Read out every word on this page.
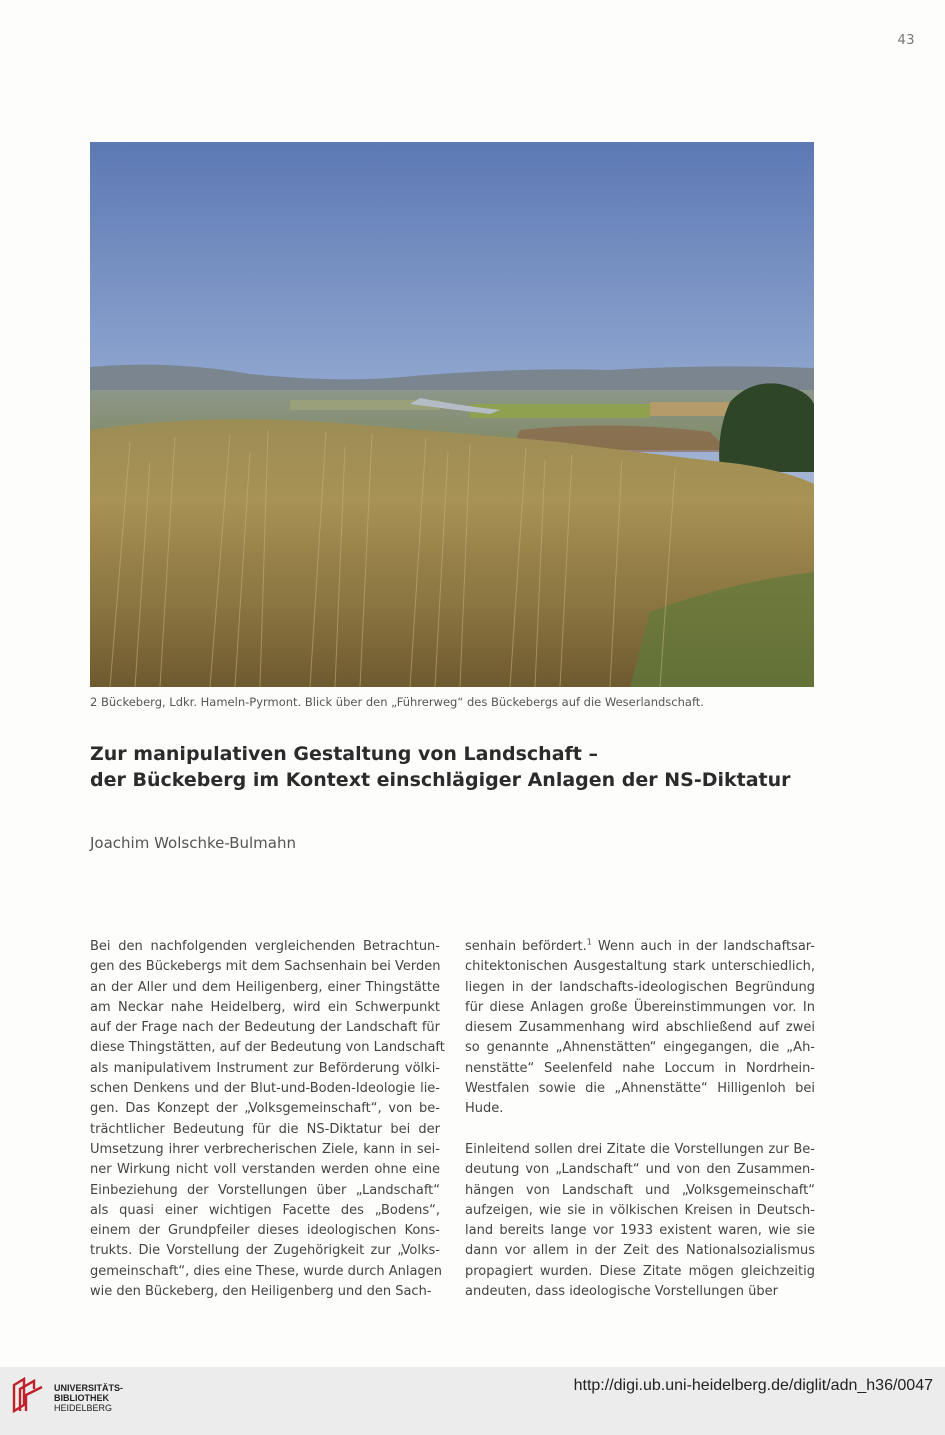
43
2 Bückeberg, Ldkr. Hameln-Pyrmont. Blick über den „Führerweg“ des Bückebergs auf die Weserlandschaft.
Zur manipulativen Gestaltung von Landschaft –
der Bückeberg im Kontext einschlägiger Anlagen der NS-Diktatur
Joachim Wolschke-Bulmahn
Bei den nachfolgenden vergleichenden Betrachtun-
gen des Bückebergs mit dem Sachsenhain bei Verden
an der Aller und dem Heiligenberg, einer Thingstätte
am Neckar nahe Heidelberg, wird ein Schwerpunkt
auf der Frage nach der Bedeutung der Landschaft für
diese Thingstätten, auf der Bedeutung von Landschaft
als manipulativem Instrument zur Beförderung völki-
schen Denkens und der Blut-und-Boden-Ideologie lie-
gen. Das Konzept der „Volksgemeinschaft“, von be-
trächtlicher Bedeutung für die NS-Diktatur bei der
Umsetzung ihrer verbrecherischen Ziele, kann in sei-
ner Wirkung nicht voll verstanden werden ohne eine
Einbeziehung der Vorstellungen über „Landschaft“
als quasi einer wichtigen Facette des „Bodens“,
einem der Grundpfeiler dieses ideologischen Kons-
trukts. Die Vorstellung der Zugehörigkeit zur „Volks-
gemeinschaft“, dies eine These, wurde durch Anlagen
wie den Bückeberg, den Heiligenberg und den Sach-
senhain befördert.$^1$ Wenn auch in der landschaftsar-
chitektonischen Ausgestaltung stark unterschiedlich,
liegen in der landschafts-ideologischen Begründung
für diese Anlagen große Übereinstimmungen vor. In
diesem Zusammenhang wird abschließend auf zwei
so genannte „Ahnenstätten“ eingegangen, die „Ah-
nenstätte“ Seelenfeld nahe Loccum in Nordrhein-
Westfalen sowie die „Ahnenstätte“ Hilligenloh bei
Hude.
Einleitend sollen drei Zitate die Vorstellungen zur Be-
deutung von „Landschaft“ und von den Zusammen-
hängen von Landschaft und „Volksgemeinschaft“
aufzeigen, wie sie in völkischen Kreisen in Deutsch-
land bereits lange vor 1933 existent waren, wie sie
dann vor allem in der Zeit des Nationalsozialismus
propagiert wurden. Diese Zitate mögen gleichzeitig
andeuten, dass ideologische Vorstellungen über
UNIVERSITÄTS-
BIBLIOTHEK
HEIDELBERG
http://digi.ub.uni-heidelberg.de/diglit/adn_h36/0047
